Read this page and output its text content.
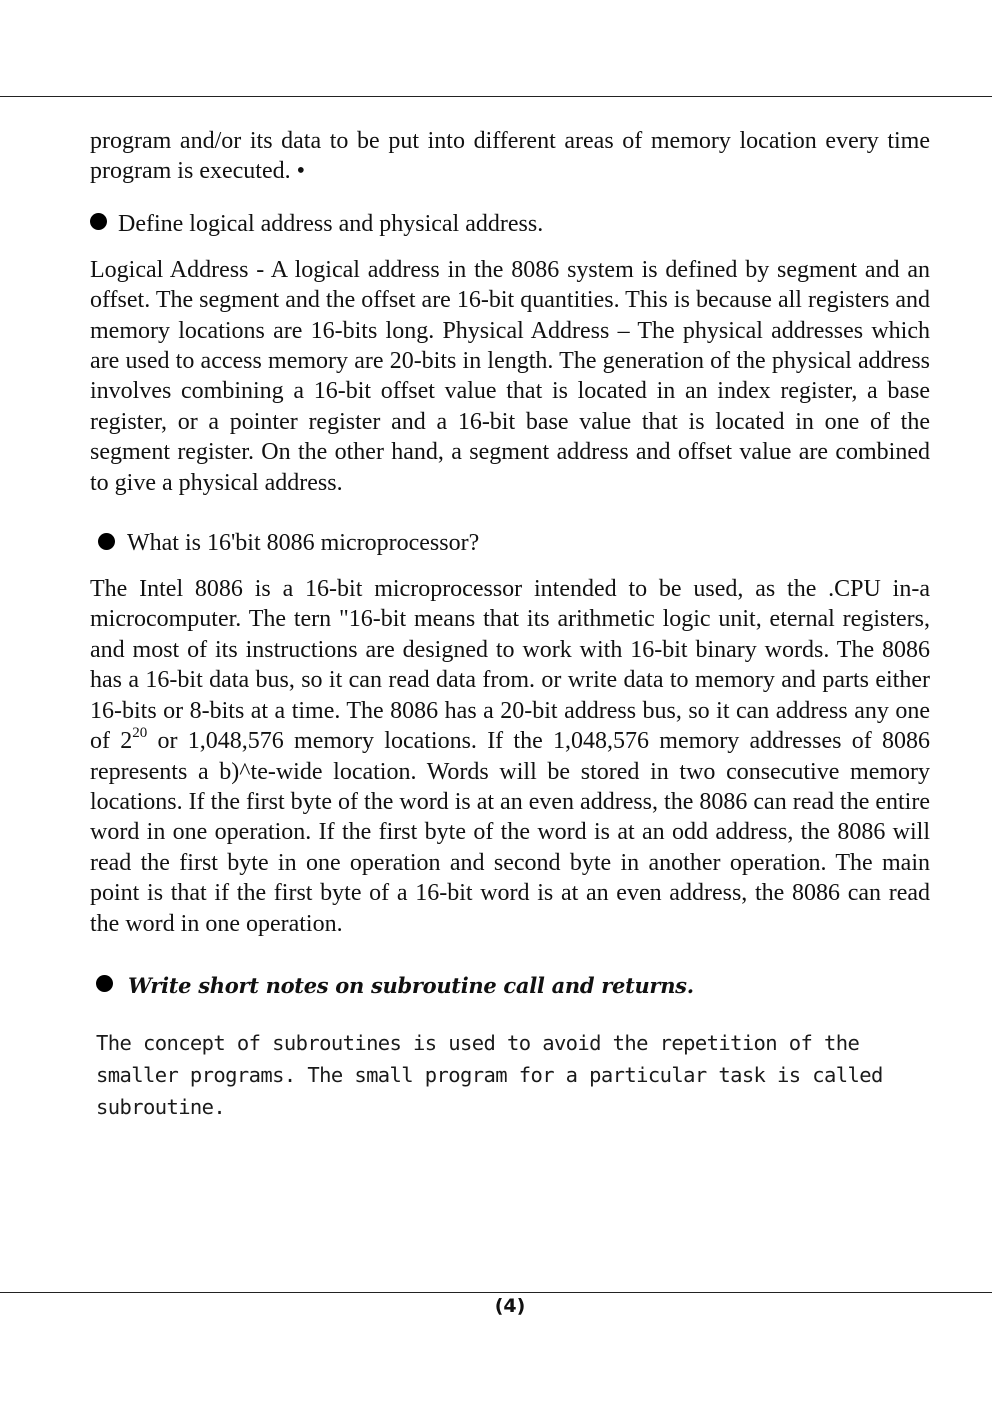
program and/or its data to be put into different areas of memory location every time program is executed. •

Define logical address and physical address.

Logical Address - A logical address in the 8086 system is defined by segment and an offset. The segment and the offset are 16-bit quantities. This is because all registers and memory locations are 16-bits long. Physical Address – The physical addresses which are used to access memory are 20-bits in length. The generation of the physical address involves combining a 16-bit offset value that is located in an index register, a base register, or a pointer register and a 16-bit base value that is located in one of the segment register. On the other hand, a segment address and offset value are combined to give a physical address.

What is 16'bit 8086 microprocessor?

The Intel 8086 is a 16-bit microprocessor intended to be used, as the .CPU in-a microcomputer. The tern "16-bit means that its arithmetic logic unit, eternal registers, and most of its instructions are designed to work with 16-bit binary words. The 8086 has a 16-bit data bus, so it can read data from. or write data to memory and parts either 16-bits or 8-bits at a time. The 8086 has a 20-bit address bus, so it can address any one of $2^{20}$ or 1,048,576 memory locations. If the 1,048,576 memory addresses of 8086 represents a b)^te-wide location. Words will be stored in two consecutive memory locations. If the first byte of the word is at an even address, the 8086 can read the entire word in one operation. If the first byte of the word is at an odd address, the 8086 will read the first byte in one operation and second byte in another operation. The main point is that if the first byte of a 16-bit word is at an even address, the 8086 can read the word in one operation.

Write short notes on subroutine call and returns.
The concept of subroutines is used to avoid the repetition of the
smaller programs. The small program for a particular task is called
subroutine.
(4)
